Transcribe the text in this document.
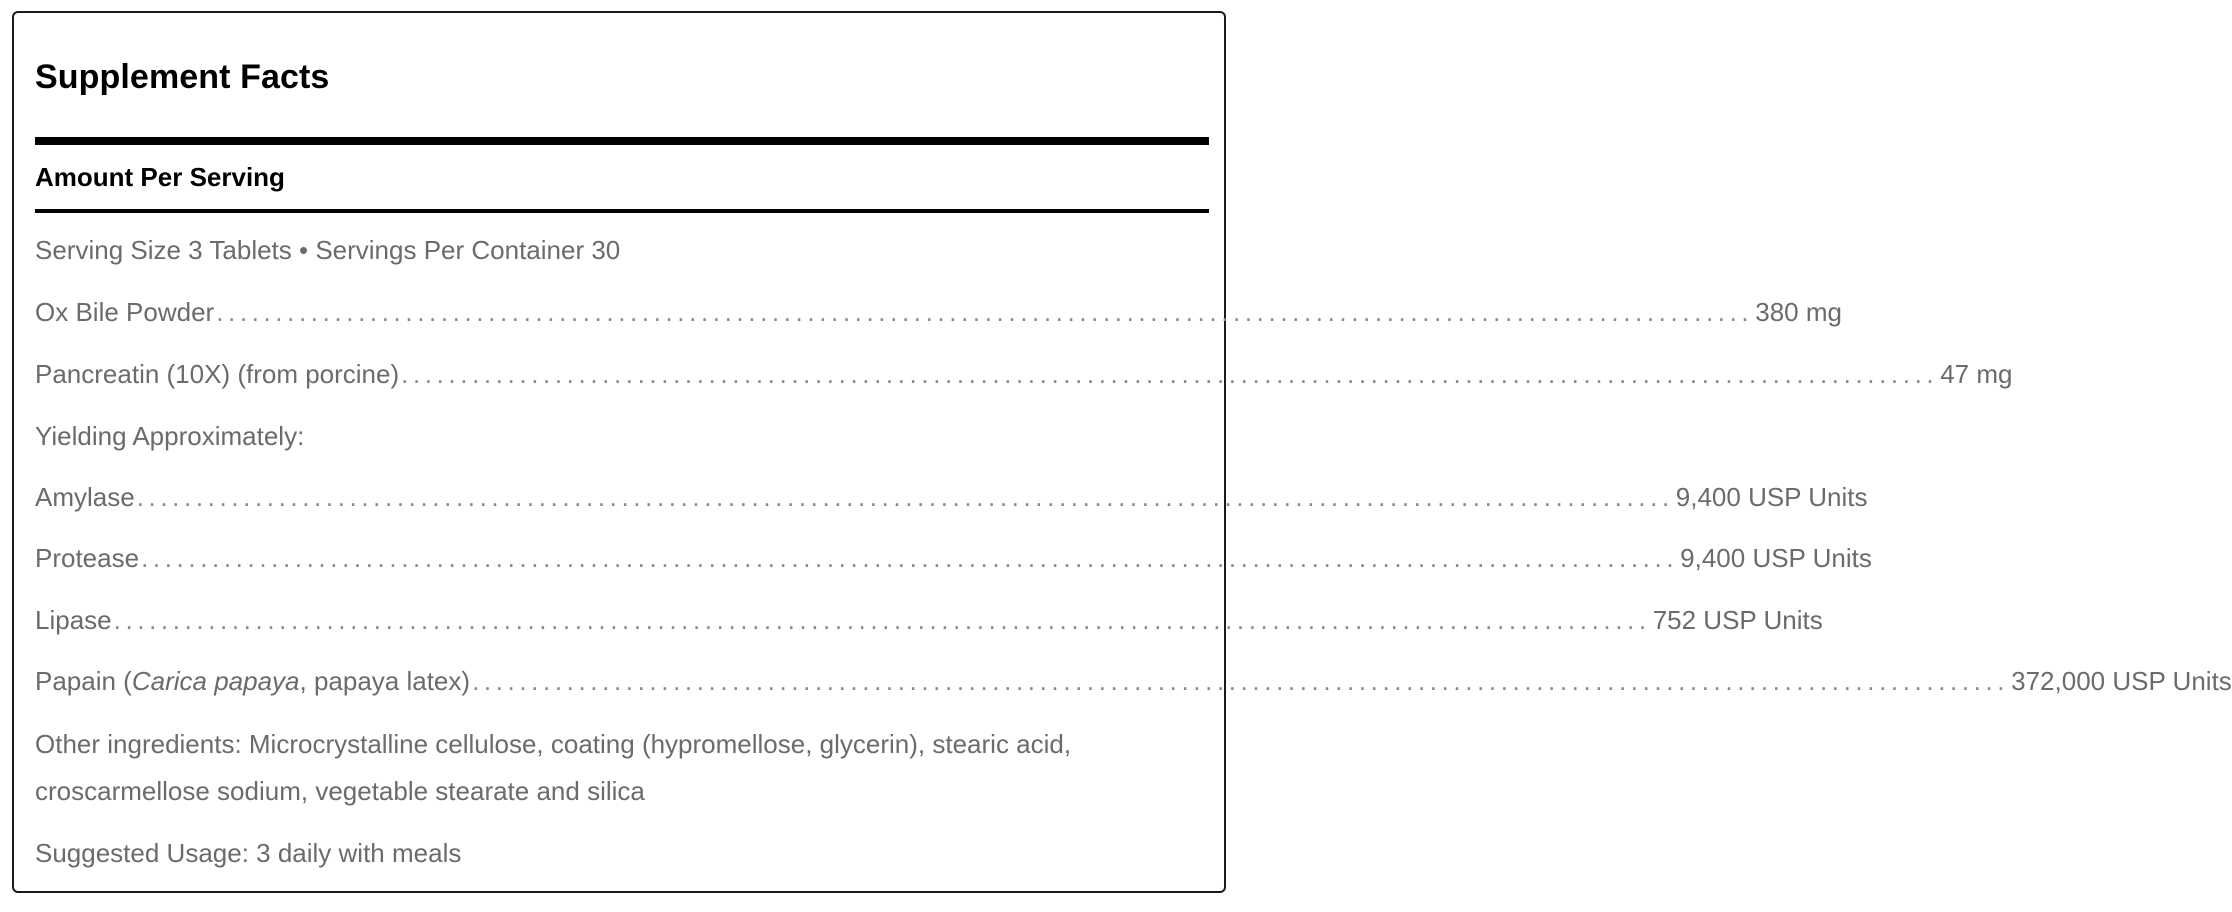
Supplement Facts
Amount Per Serving
Serving Size 3 Tablets • Servings Per Container 30
Ox Bile Powder .................................................................................................................................. 380 mg
Pancreatin (10X) (from porcine) .................................................................................................................................. 47 mg
Yielding Approximately:
Amylase .................................................................................................................................. 9,400 USP Units
Protease .................................................................................................................................. 9,400 USP Units
Lipase .................................................................................................................................. 752 USP Units
Papain (Carica papaya, papaya latex) .................................................................................................................................. 372,000 USP Units
Other ingredients: Microcrystalline cellulose, coating (hypromellose, glycerin), stearic acid, croscarmellose sodium, vegetable stearate and silica
Suggested Usage: 3 daily with meals
